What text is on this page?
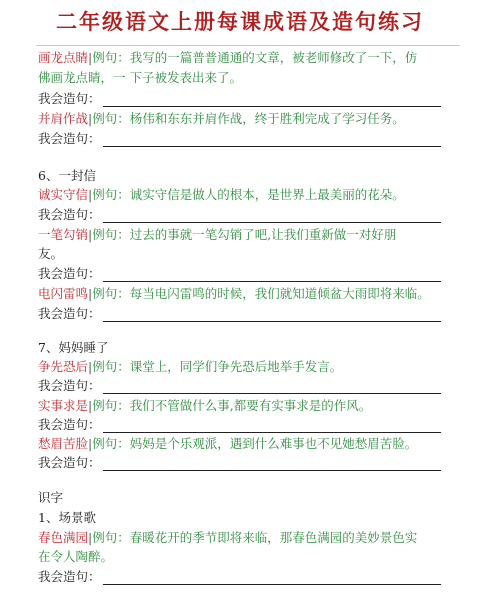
二年级语文上册每课成语及造句练习
画龙点睛|例句：我写的一篇普普通通的文章，被老师修改了一下，仿
佛画龙点睛，一 下子被发表出来了。
我会造句：
并肩作战|例句：杨伟和东东并肩作战，终于胜利完成了学习任务。
我会造句：
6、一封信
诚实守信|例句：诚实守信是做人的根本，是世界上最美丽的花朵。
我会造句：
一笔勾销|例句：过去的事就一笔勾销了吧,让我们重新做一对好朋
友。
我会造句：
电闪雷鸣|例句：每当电闪雷鸣的时候，我们就知道倾盆大雨即将来临。
我会造句：
7、妈妈睡了
争先恐后|例句：课堂上，同学们争先恐后地举手发言。
我会造句：
实事求是|例句：我们不管做什么事,都要有实事求是的作风。
我会造句：
愁眉苦脸|例句：妈妈是个乐观派，遇到什么难事也不见她愁眉苦脸。
我会造句：
识字
1、场景歌
春色满园|例句：春暖花开的季节即将来临，那春色满园的美妙景色实
在令人陶醉。
我会造句：
